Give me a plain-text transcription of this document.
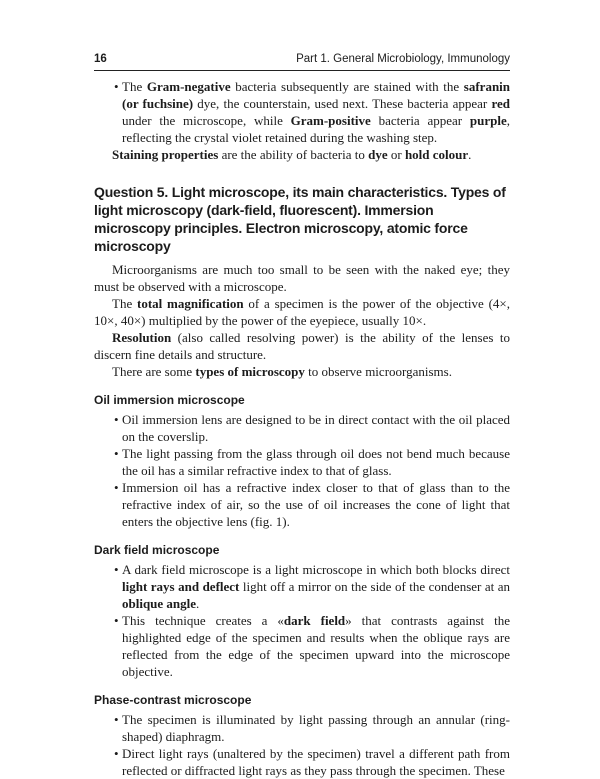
16	Part 1. General Microbiology, Immunology
• The Gram-negative bacteria subsequently are stained with the safranin (or fuchsine) dye, the counterstain, used next. These bacteria appear red under the microscope, while Gram-positive bacteria appear purple, reflecting the crystal violet retained during the washing step.

Staining properties are the ability of bacteria to dye or hold colour.

Question 5. Light microscope, its main characteristics. Types of light microscopy (dark-field, fluorescent). Immersion microscopy principles. Electron microscopy, atomic force microscopy

Microorganisms are much too small to be seen with the naked eye; they must be observed with a microscope.

The total magnification of a specimen is the power of the objective (4×, 10×, 40×) multiplied by the power of the eyepiece, usually 10×.

Resolution (also called resolving power) is the ability of the lenses to discern fine details and structure.

There are some types of microscopy to observe microorganisms.

Oil immersion microscope
• Oil immersion lens are designed to be in direct contact with the oil placed on the coverslip.
• The light passing from the glass through oil does not bend much because the oil has a similar refractive index to that of glass.
• Immersion oil has a refractive index closer to that of glass than to the refractive index of air, so the use of oil increases the cone of light that enters the objective lens (fig. 1).
Dark field microscope
• A dark field microscope is a light microscope in which both blocks direct light rays and deflect light off a mirror on the side of the condenser at an oblique angle.
• This technique creates a «dark field» that contrasts against the highlighted edge of the specimen and results when the oblique rays are reflected from the edge of the specimen upward into the microscope objective.
Phase-contrast microscope
• The specimen is illuminated by light passing through an annular (ring-shaped) diaphragm.
• Direct light rays (unaltered by the specimen) travel a different path from reflected or diffracted light rays as they pass through the specimen. These
